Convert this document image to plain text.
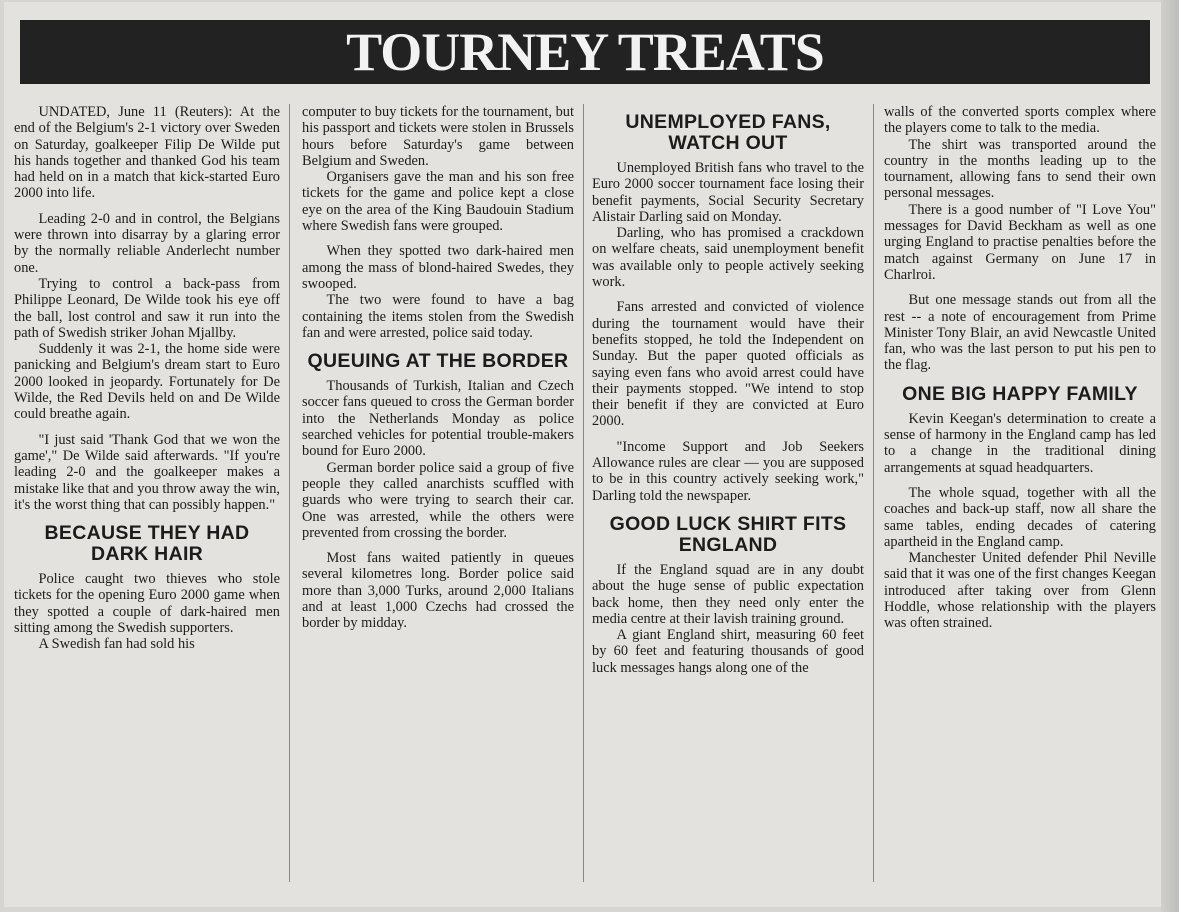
TOURNEY TREATS

UNDATED, June 11 (Reuters): At the end of the Belgium's 2-1 victory over Sweden on Saturday, goalkeeper Filip De Wilde put his hands together and thanked God his team had held on in a match that kick-started Euro 2000 into life.

Leading 2-0 and in control, the Belgians were thrown into disarray by a glaring error by the normally reliable Anderlecht number one.

Trying to control a back-pass from Philippe Leonard, De Wilde took his eye off the ball, lost control and saw it run into the path of Swedish striker Johan Mjallby.

Suddenly it was 2-1, the home side were panicking and Belgium's dream start to Euro 2000 looked in jeopardy. Fortunately for De Wilde, the Red Devils held on and De Wilde could breathe again.

"I just said 'Thank God that we won the game'," De Wilde said afterwards. "If you're leading 2-0 and the goalkeeper makes a mistake like that and you throw away the win, it's the worst thing that can possibly happen."

BECAUSE THEY HAD DARK HAIR

Police caught two thieves who stole tickets for the opening Euro 2000 game when they spotted a couple of dark-haired men sitting among the Swedish supporters.

A Swedish fan had sold his

computer to buy tickets for the tournament, but his passport and tickets were stolen in Brussels hours before Saturday's game between Belgium and Sweden.

Organisers gave the man and his son free tickets for the game and police kept a close eye on the area of the King Baudouin Stadium where Swedish fans were grouped.

When they spotted two dark-haired men among the mass of blond-haired Swedes, they swooped.

The two were found to have a bag containing the items stolen from the Swedish fan and were arrested, police said today.

QUEUING AT THE BORDER

Thousands of Turkish, Italian and Czech soccer fans queued to cross the German border into the Netherlands Monday as police searched vehicles for potential trouble-makers bound for Euro 2000.

German border police said a group of five people they called anarchists scuffled with guards who were trying to search their car. One was arrested, while the others were prevented from crossing the border.

Most fans waited patiently in queues several kilometres long. Border police said more than 3,000 Turks, around 2,000 Italians and at least 1,000 Czechs had crossed the border by midday.

UNEMPLOYED FANS, WATCH OUT

Unemployed British fans who travel to the Euro 2000 soccer tournament face losing their benefit payments, Social Security Secretary Alistair Darling said on Monday.

Darling, who has promised a crackdown on welfare cheats, said unemployment benefit was available only to people actively seeking work.

Fans arrested and convicted of violence during the tournament would have their benefits stopped, he told the Independent on Sunday. But the paper quoted officials as saying even fans who avoid arrest could have their payments stopped. "We intend to stop their benefit if they are convicted at Euro 2000.

"Income Support and Job Seekers Allowance rules are clear — you are supposed to be in this country actively seeking work," Darling told the newspaper.

GOOD LUCK SHIRT FITS ENGLAND

If the England squad are in any doubt about the huge sense of public expectation back home, then they need only enter the media centre at their lavish training ground.

A giant England shirt, measuring 60 feet by 60 feet and featuring thousands of good luck messages hangs along one of the

walls of the converted sports complex where the players come to talk to the media.

The shirt was transported around the country in the months leading up to the tournament, allowing fans to send their own personal messages.

There is a good number of "I Love You" messages for David Beckham as well as one urging England to practise penalties before the match against Germany on June 17 in Charlroi.

But one message stands out from all the rest -- a note of encouragement from Prime Minister Tony Blair, an avid Newcastle United fan, who was the last person to put his pen to the flag.

ONE BIG HAPPY FAMILY

Kevin Keegan's determination to create a sense of harmony in the England camp has led to a change in the traditional dining arrangements at squad headquarters.

The whole squad, together with all the coaches and back-up staff, now all share the same tables, ending decades of catering apartheid in the England camp.

Manchester United defender Phil Neville said that it was one of the first changes Keegan introduced after taking over from Glenn Hoddle, whose relationship with the players was often strained.
